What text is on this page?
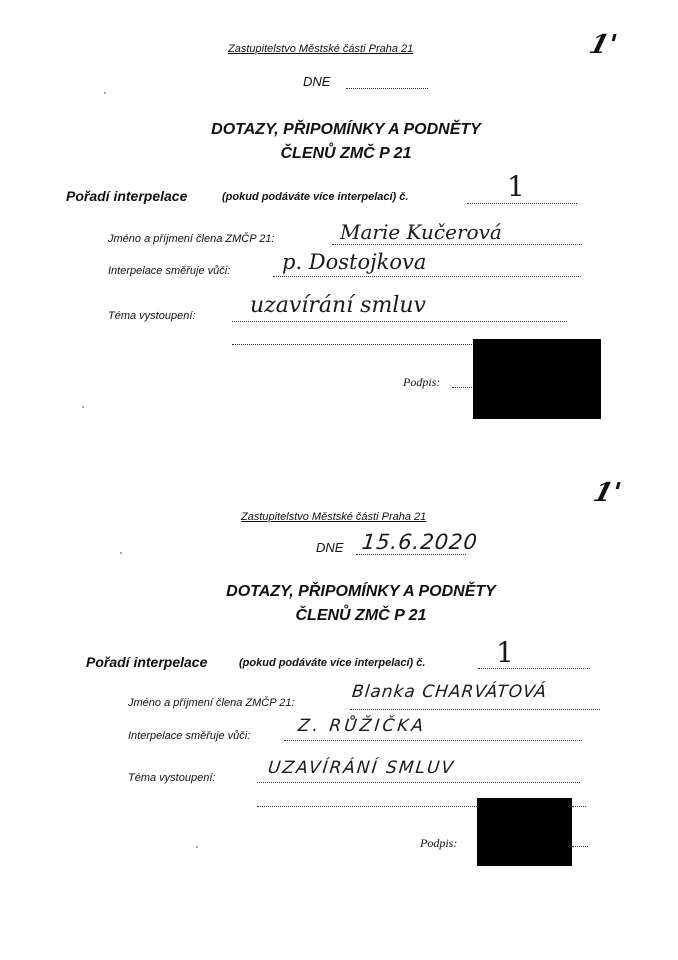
1'
Zastupitelstvo Městské části Praha 21
DNE
DOTAZY, PŘIPOMÍNKY A PODNĚTY
ČLENŮ ZMČ P 21
Pořadí interpelace	(pokud podáváte více interpelací) č.	1
Jméno a příjmení člena ZMČP 21:	Marie Kučerová
Interpelace směřuje vůči: p. Dostojkova
Téma vystoupení: uzavírání smluv
Podpis:
1'
Zastupitelstvo Městské části Praha 21
DNE 15.6.2020
DOTAZY, PŘIPOMÍNKY A PODNĚTY
ČLENŮ ZMČ P 21
Pořadí interpelace	(pokud podáváte více interpelací) č.	1
Jméno a příjmení člena ZMČP 21:
Blanka CHARVÁTOVÁ
Interpelace směřuje vůči:	Z. RŮŽIČKA
Téma vystoupení:	UZAVÍRÁNÍ SMLUV
Podpis:
